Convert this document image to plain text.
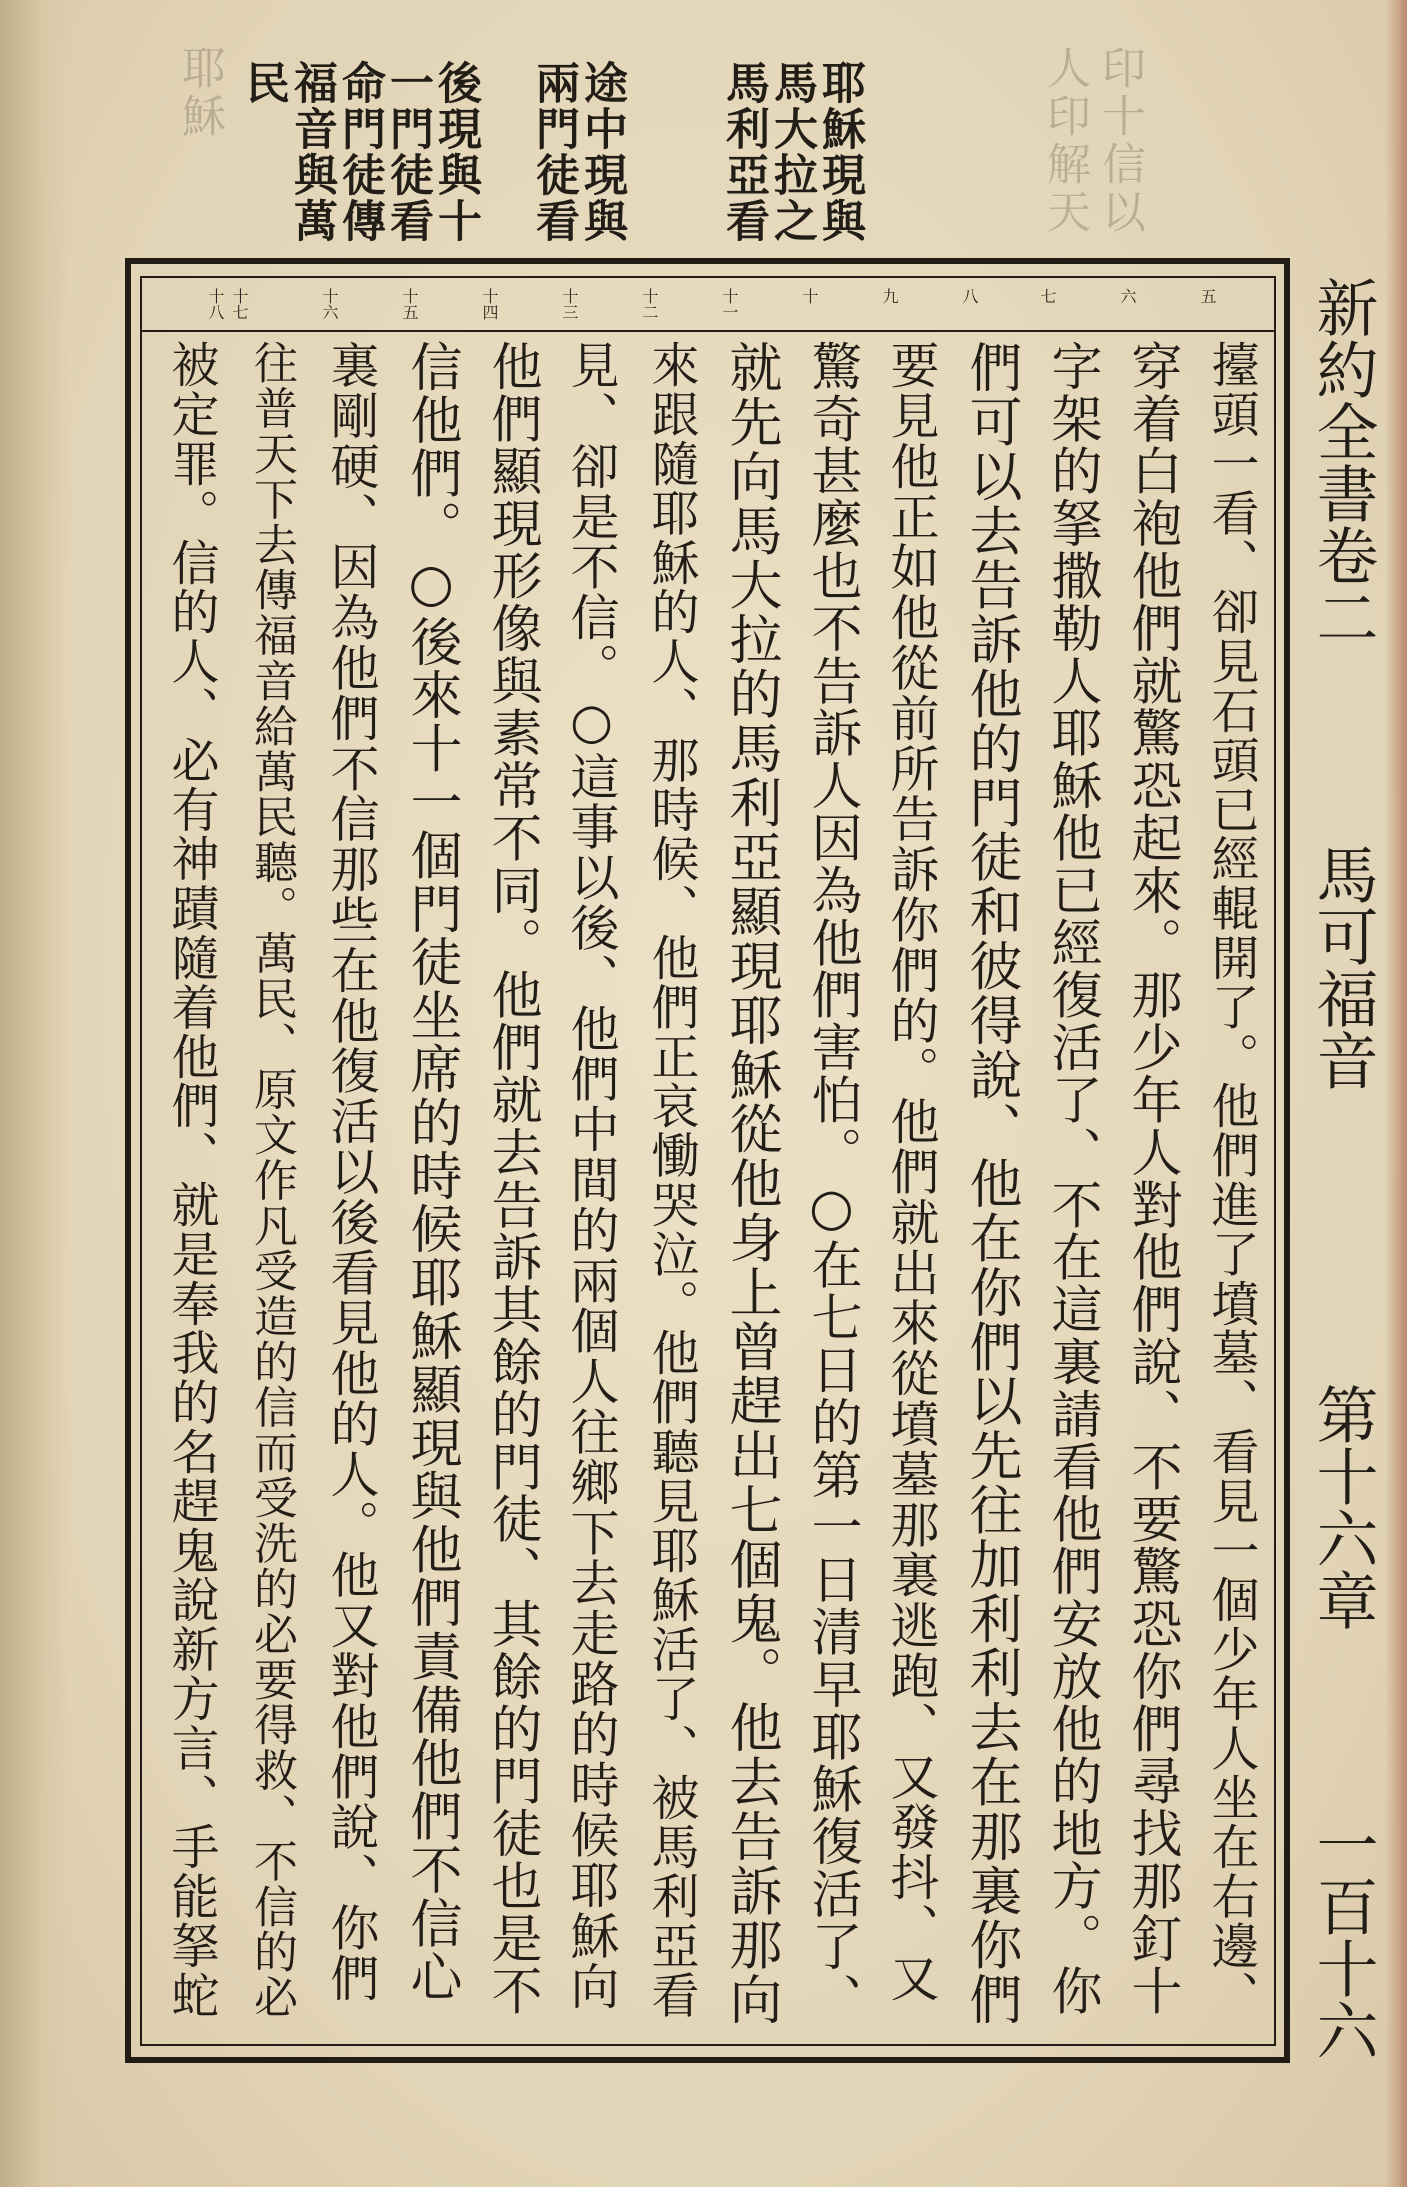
人印解天 印十信以
耶穌	耶穌現與
馬大拉之
馬利亞看
途中現與
兩門徒看
後現與十
一門徒看
命門徒傳
福音與萬
民
新約全書卷二
馬可福音
第十六章
一百十六
五
六
七
八
九
十
十一
十二
十三
十四
十五
十六
十七
十八
擡頭一看、卻見石頭已經輥開了。他們進了墳墓、看見一個少年人坐在右邊、
穿着白袍他們就驚恐起來。那少年人對他們說、不要驚恐你們尋找那釘十
字架的拏撒勒人耶穌他已經復活了、不在這裏請看他們安放他的地方。你
們可以去告訴他的門徒和彼得說、他在你們以先往加利利去在那裏你們
要見他正如他從前所告訴你們的。他們就出來從墳墓那裏逃跑、又發抖、又
驚奇甚麼也不告訴人因為他們害怕。○在七日的第一日清早耶穌復活了、
就先向馬大拉的馬利亞顯現耶穌從他身上曾趕出七個鬼。他去告訴那向
來跟隨耶穌的人、那時候、他們正哀慟哭泣。他們聽見耶穌活了、被馬利亞看
見、卻是不信。○這事以後、他們中間的兩個人往鄉下去走路的時候耶穌向
他們顯現形像與素常不同。他們就去告訴其餘的門徒、其餘的門徒也是不
信他們。○後來十一個門徒坐席的時候耶穌顯現與他們責備他們不信心
裏剛硬、因為他們不信那些在他復活以後看見他的人。他又對他們說、你們
往普天下去傳福音給萬民聽。萬民、原文作凡受造的信而受洗的必要得救、不信的必
被定罪。信的人、必有神蹟隨着他們、就是奉我的名趕鬼說新方言、手能拏蛇
